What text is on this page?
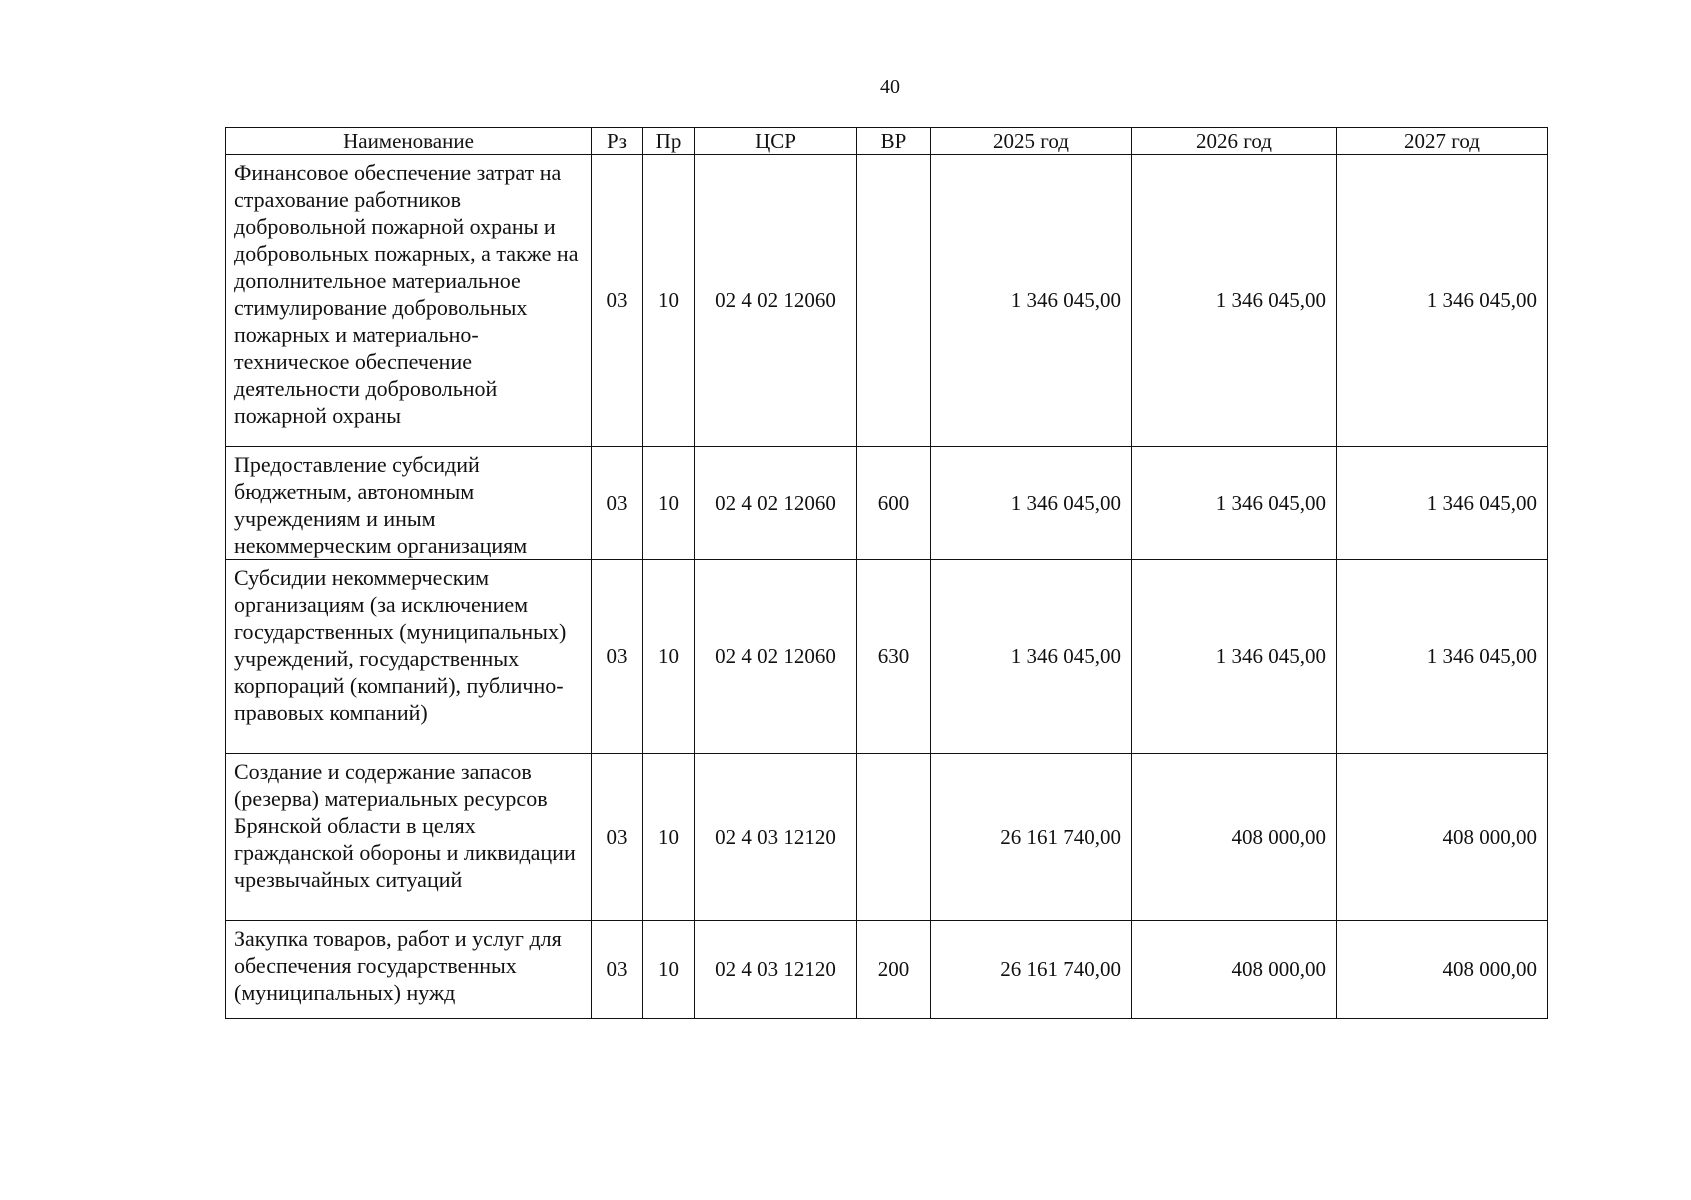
40
Наименование	Рз	Пр	ЦСР	ВР	2025 год	2026 год	2027 год
Финансовое обеспечение затрат на страхование работников добровольной пожарной охраны и добровольных пожарных, а также на дополнительное материальное стимулирование добровольных пожарных и материально-техническое обеспечение деятельности добровольной пожарной охраны	03	10	02 4 02 12060		1 346 045,00	1 346 045,00	1 346 045,00
Предоставление субсидий бюджетным, автономным учреждениям и иным некоммерческим организациям	03	10	02 4 02 12060	600	1 346 045,00	1 346 045,00	1 346 045,00
Субсидии некоммерческим организациям (за исключением государственных (муниципальных) учреждений, государственных корпораций (компаний), публично-правовых компаний)	03	10	02 4 02 12060	630	1 346 045,00	1 346 045,00	1 346 045,00
Создание и содержание запасов (резерва) материальных ресурсов Брянской области в целях гражданской обороны и ликвидации чрезвычайных ситуаций	03	10	02 4 03 12120		26 161 740,00	408 000,00	408 000,00
Закупка товаров, работ и услуг для обеспечения государственных (муниципальных) нужд	03	10	02 4 03 12120	200	26 161 740,00	408 000,00	408 000,00
